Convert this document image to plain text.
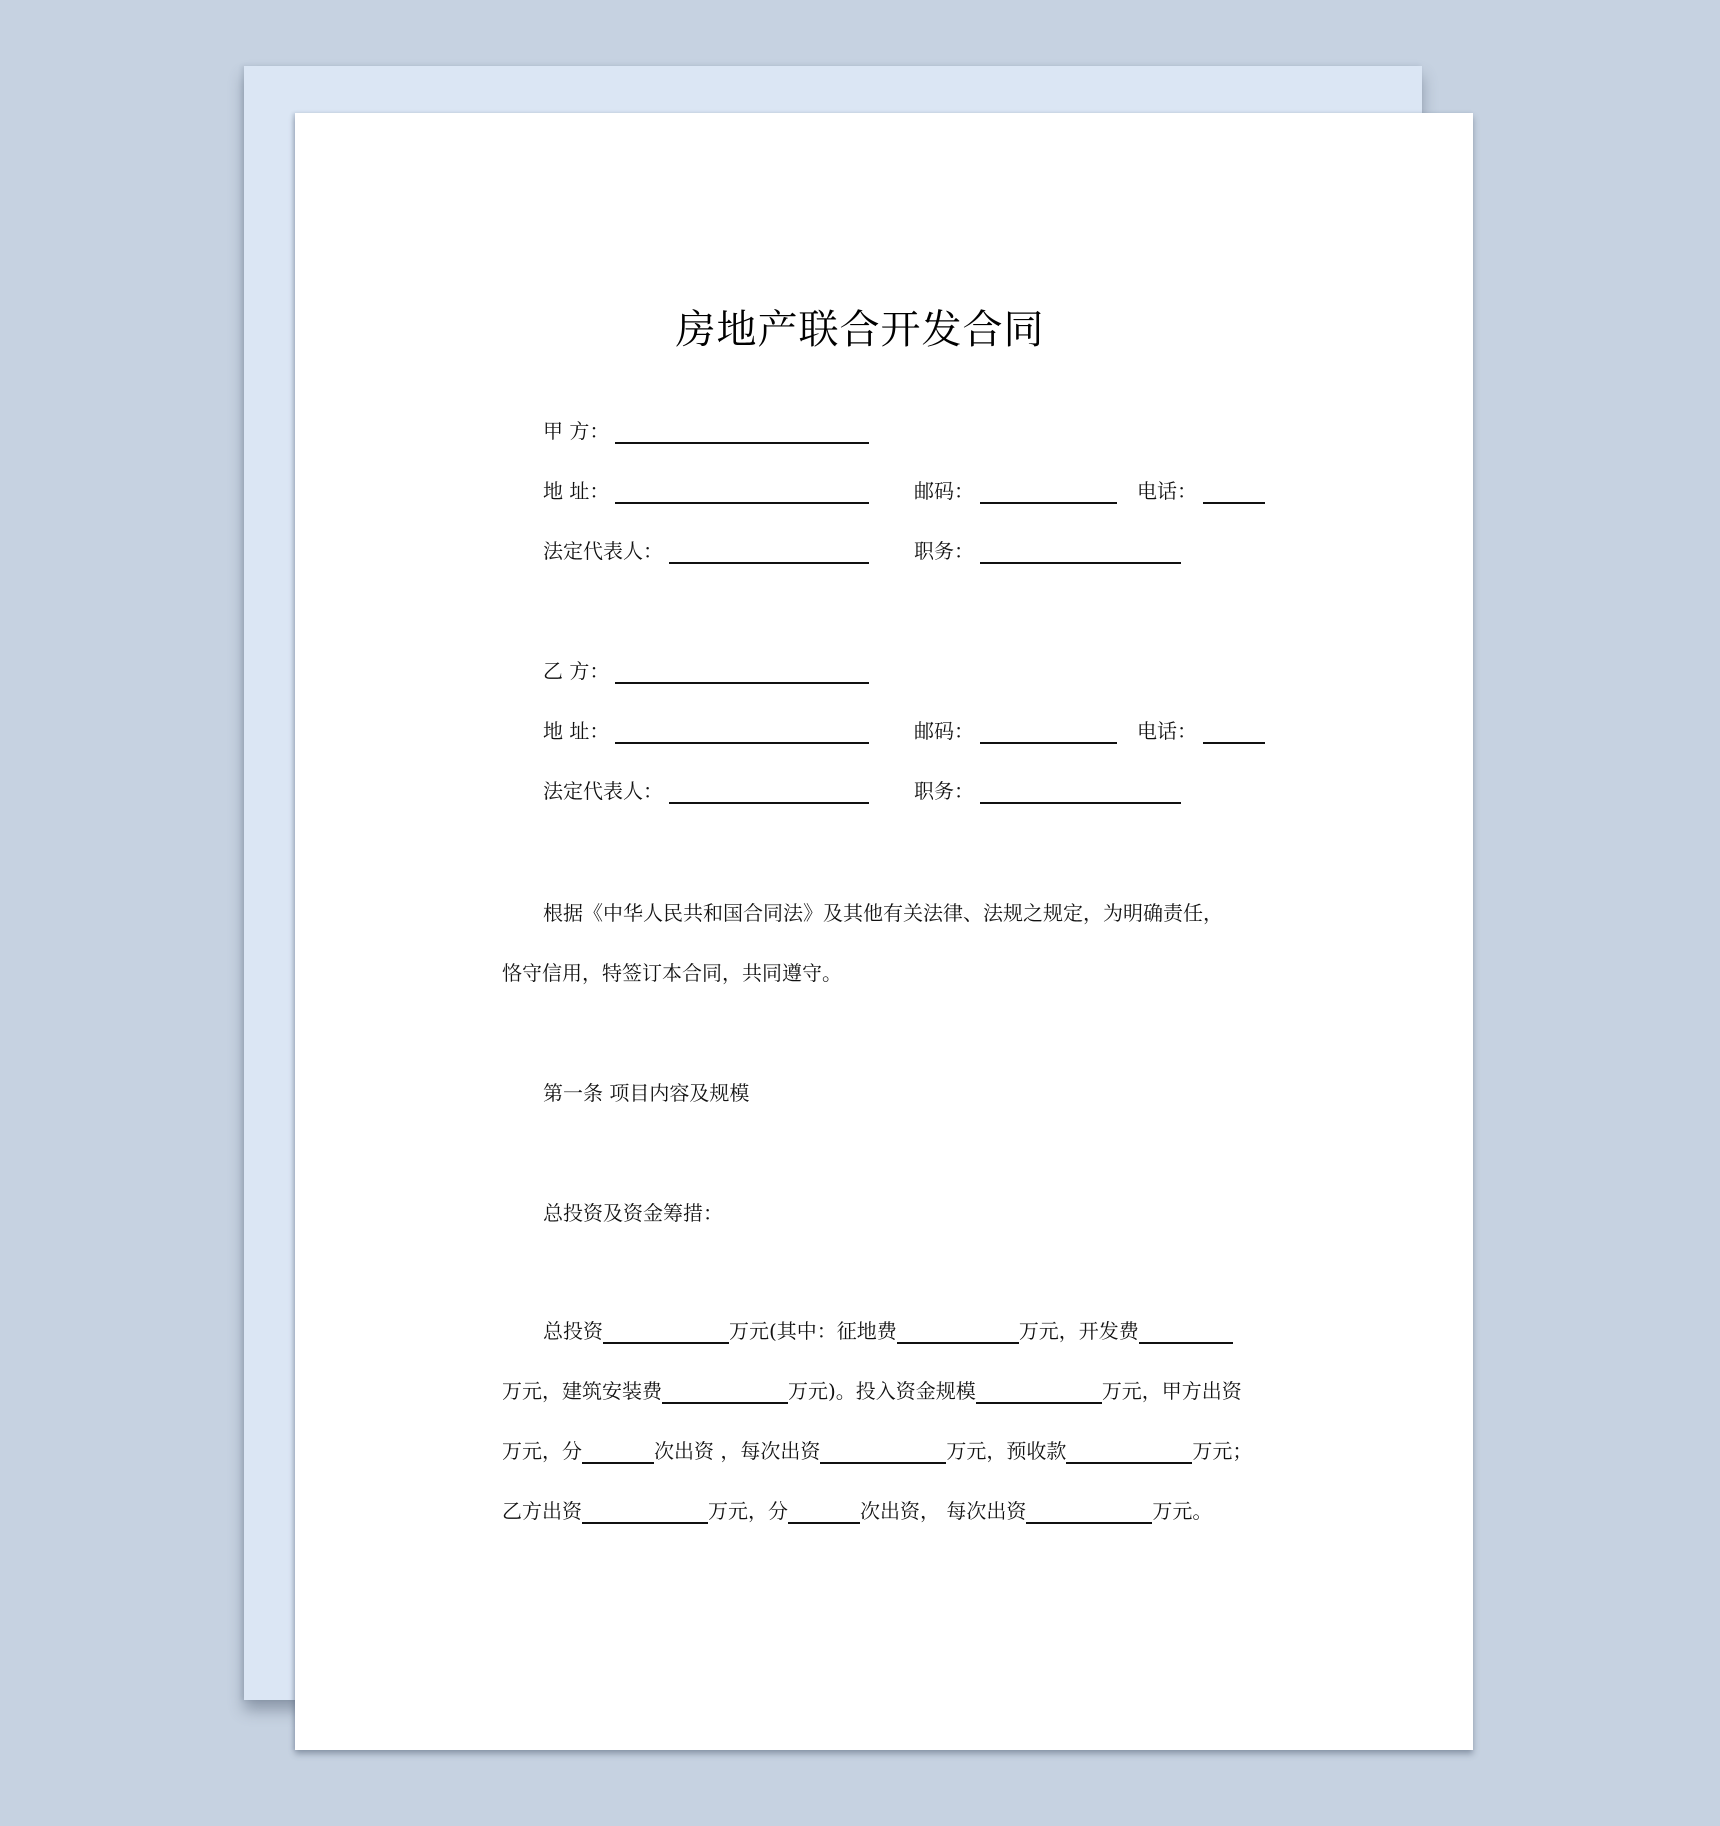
房地产联合开发合同
甲 方：
地 址：	邮码：	电话：
法定代表人：	职务：
乙 方：
地 址：	邮码：	电话：
法定代表人：	职务：
根据《中华人民共和国合同法》及其他有关法律、法规之规定，为明确责任，
恪守信用，特签订本合同，共同遵守。
第一条 项目内容及规模
总投资及资金筹措：
总投资	万元(其中：征地费	万元，开发费
万元，建筑安装费	万元)。投入资金规模	万元，甲方出资
万元，分	次出资 ，每次出资	万元，预收款	万元；
乙方出资	万元，分	次出资， 每次出资	万元。
